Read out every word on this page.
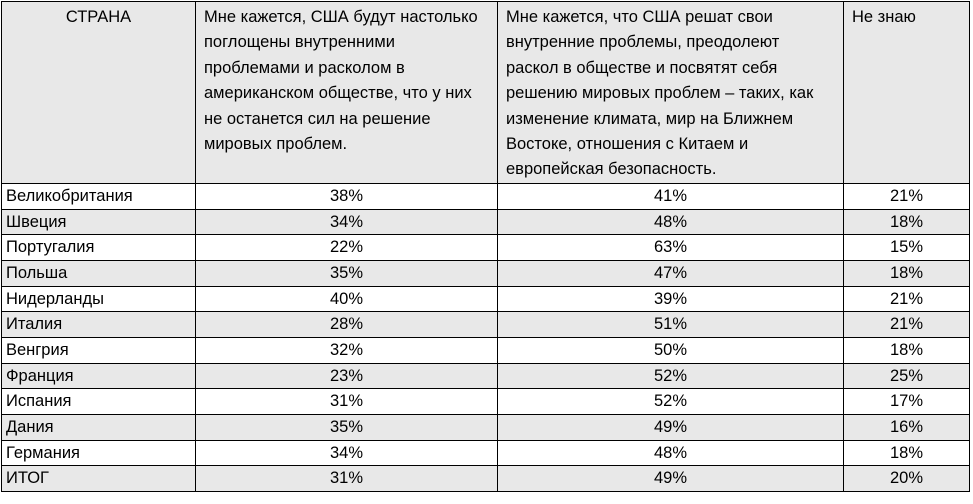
СТРАНА	Мне кажется, США будут настолько поглощены внутренними проблемами и расколом в американском обществе, что у них не останется сил на решение мировых проблем.	Мне кажется, что США решат свои внутренние проблемы, преодолеют раскол в обществе и посвятят себя решению мировых проблем – таких, как изменение климата, мир на Ближнем Востоке, отношения с Китаем и европейская безопасность.	Не знаю
Великобритания	38%	41%	21%
Швеция	34%	48%	18%
Португалия	22%	63%	15%
Польша	35%	47%	18%
Нидерланды	40%	39%	21%
Италия	28%	51%	21%
Венгрия	32%	50%	18%
Франция	23%	52%	25%
Испания	31%	52%	17%
Дания	35%	49%	16%
Германия	34%	48%	18%
ИТОГ	31%	49%	20%
